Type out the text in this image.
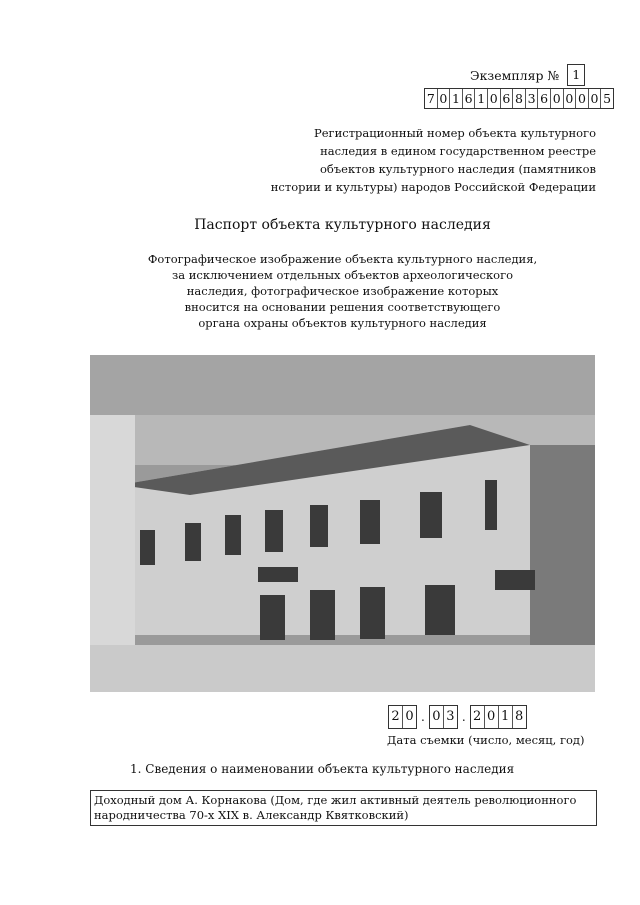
Экземпляр №	1
7 0 1 6 1 0 6 8 3 6 0 0 0 0 5
Регистрационный номер объекта культурного
наследия в едином государственном реестре
объектов культурного наследия (памятников
нстории и культуры) народов Российской Федерации
Паспорт объекта культурного наследия
Фотографическое изображение объекта культурного наследия,
за исключением отдельных объектов археологического
наследия, фотографическое изображение которых
вносится на основании решения соответствующего
органа охраны объектов культурного наследия
2 0 . 0 3 . 2 0 1 8
Дата съемки (число, месяц, год)
1. Сведения о наименовании объекта культурного наследия
Доходный дом А. Корнакова (Дом, где жил активный деятель революционного
народничества 70-х XIX в. Александр Квятковский)
